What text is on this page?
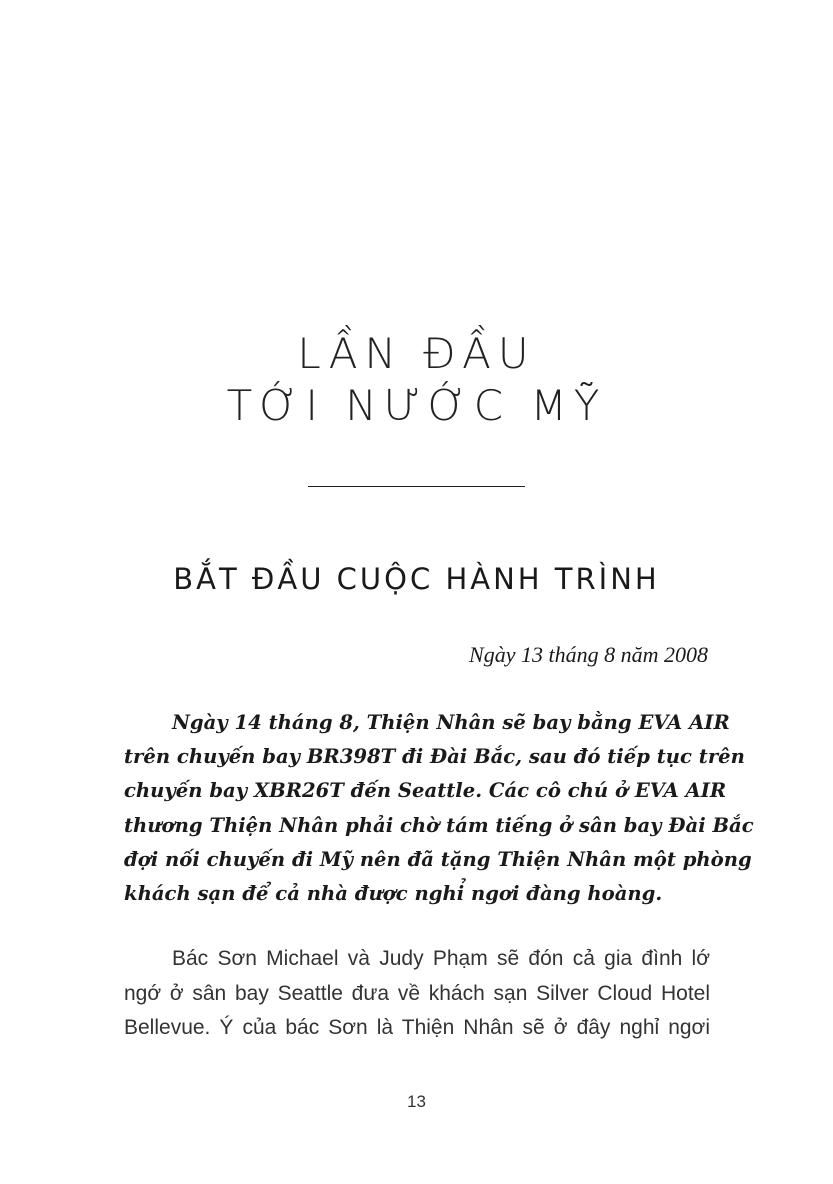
LẦN ĐẦU
TỚI NƯỚC MỸ
BẮT ĐẦU CUỘC HÀNH TRÌNH
Ngày 13 tháng 8 năm 2008

Ngày 14 tháng 8, Thiện Nhân sẽ bay bằng EVA AIR
trên chuyến bay BR398T đi Đài Bắc, sau đó tiếp tục trên
chuyến bay XBR26T đến Seattle. Các cô chú ở EVA AIR
thương Thiện Nhân phải chờ tám tiếng ở sân bay Đài Bắc
đợi nối chuyến đi Mỹ nên đã tặng Thiện Nhân một phòng
khách sạn để cả nhà được nghỉ ngơi đàng hoàng.

Bác Sơn Michael và Judy Phạm sẽ đón cả gia đình lớ
ngớ ở sân bay Seattle đưa về khách sạn Silver Cloud Hotel
Bellevue. Ý của bác Sơn là Thiện Nhân sẽ ở đây nghỉ ngơi

13
